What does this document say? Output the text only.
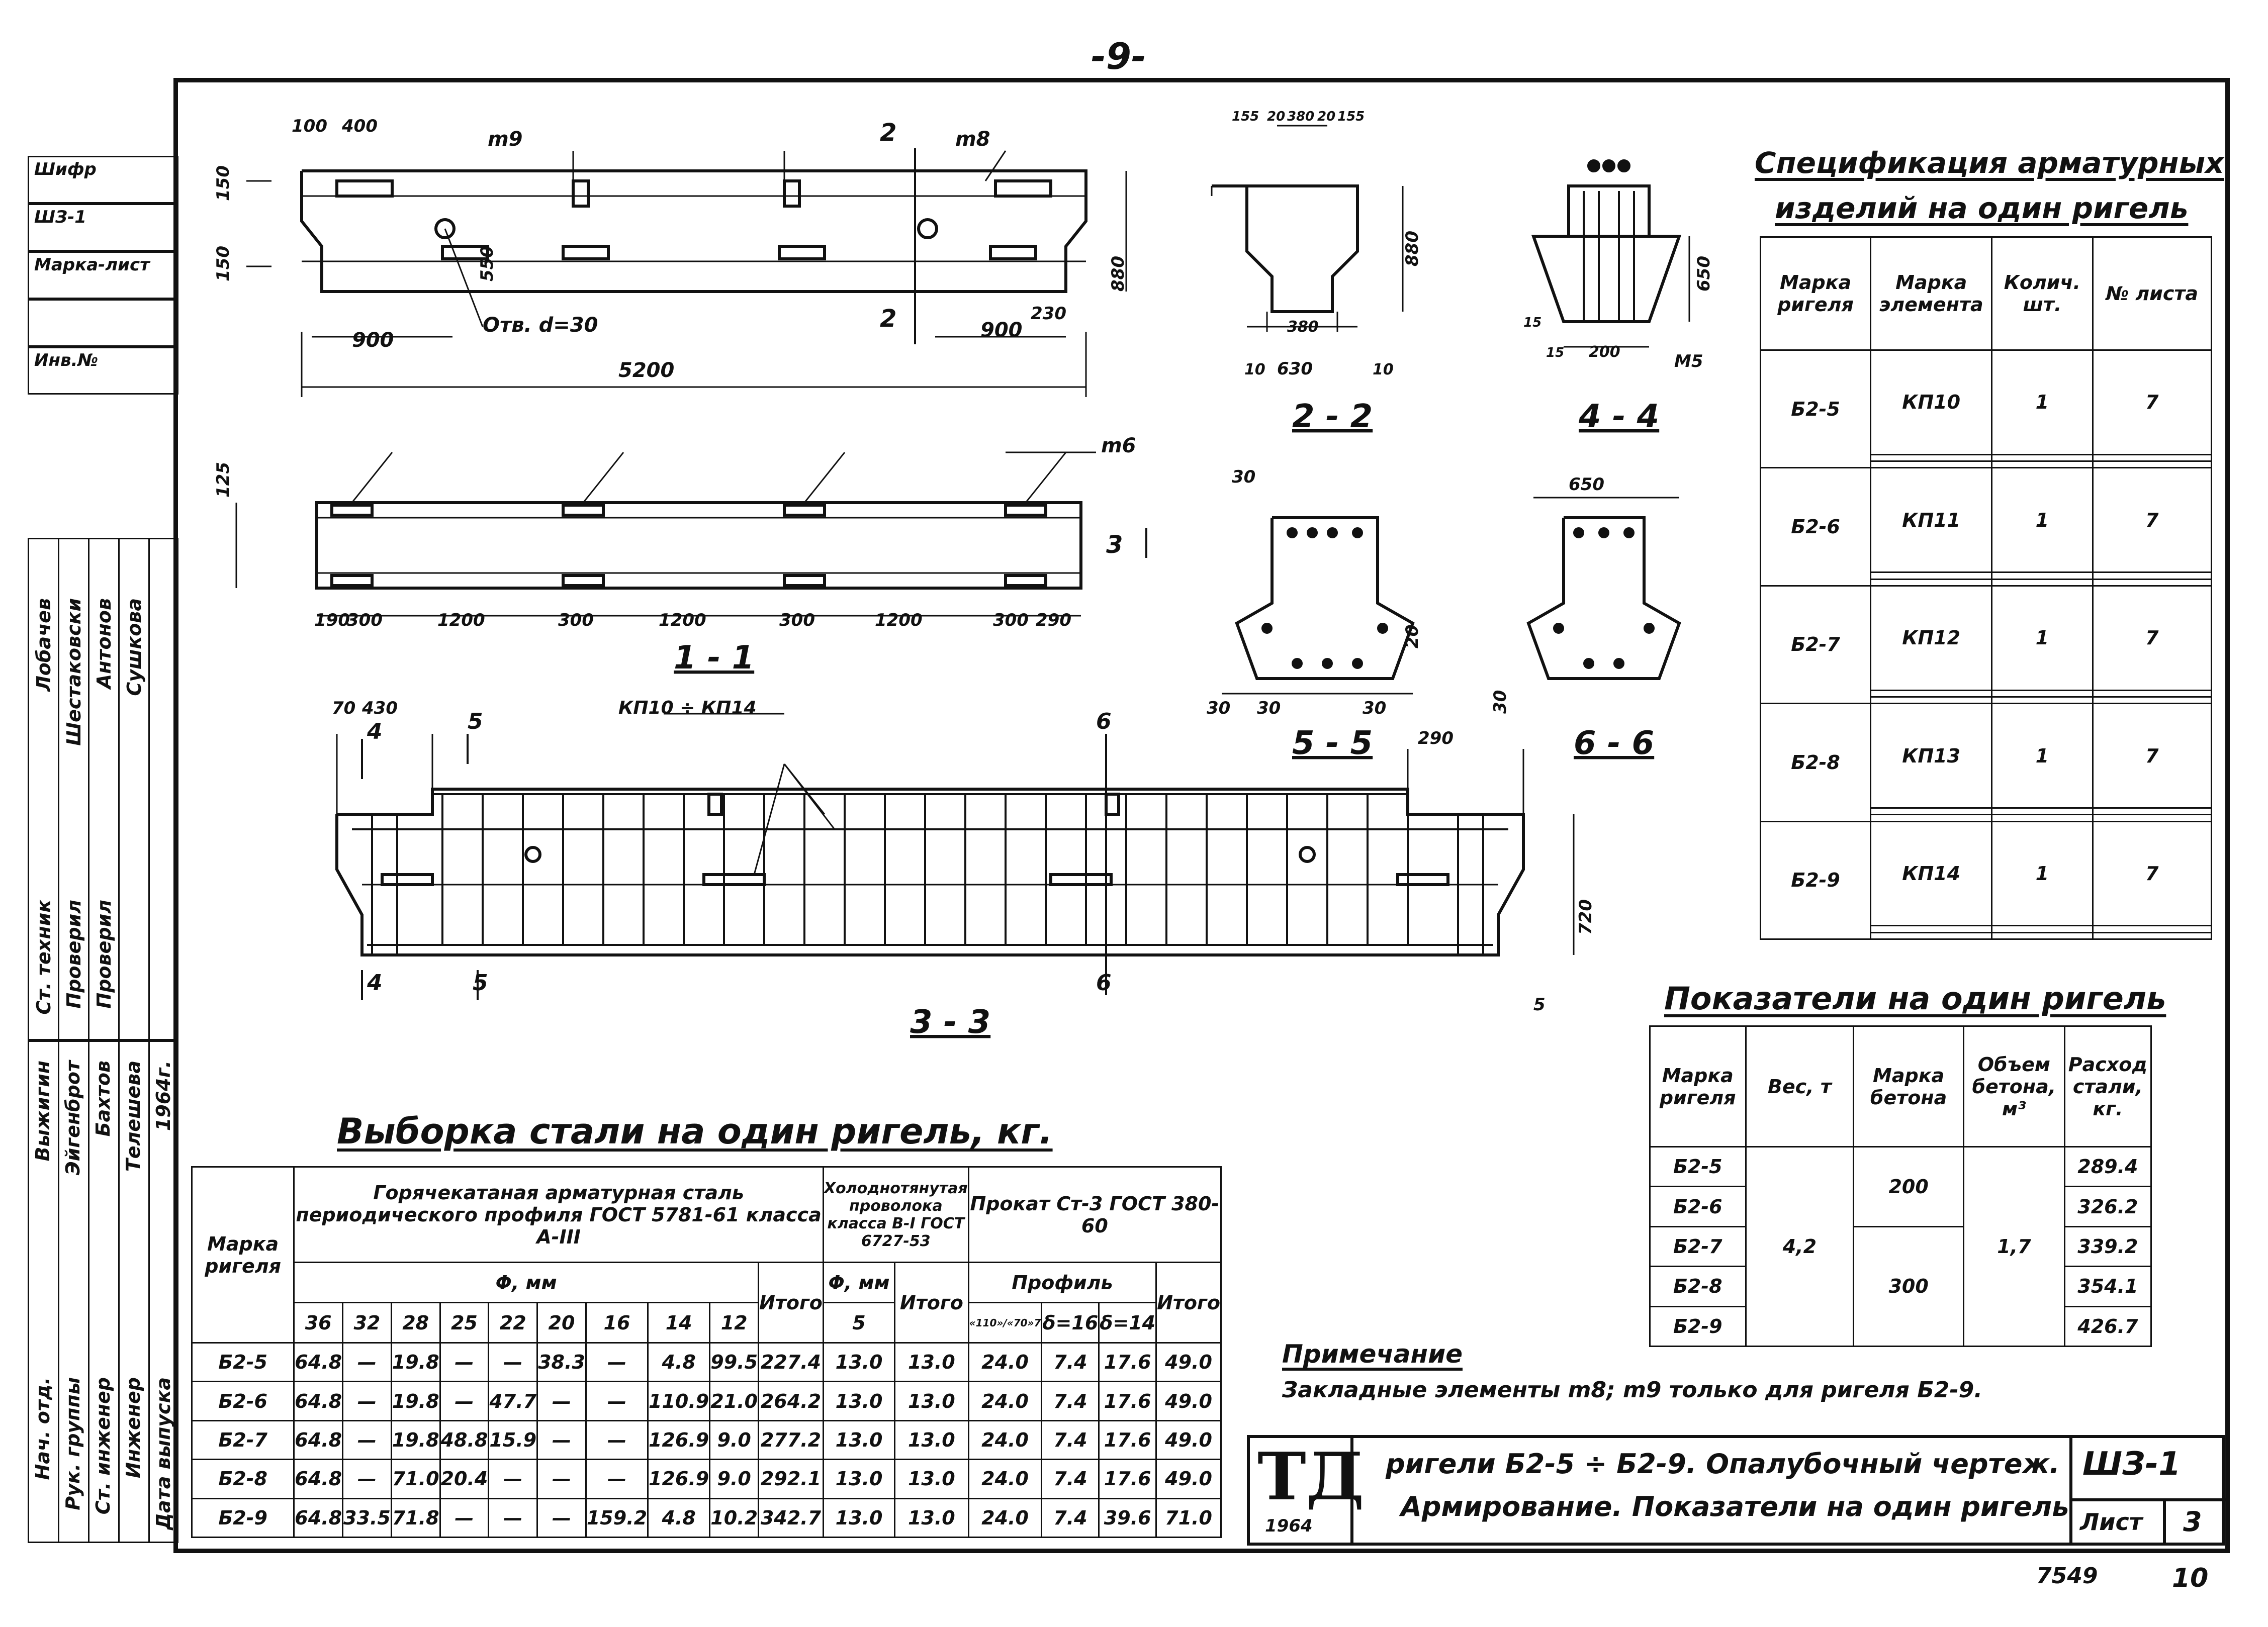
-9-
Шифр
ШЗ-1
Марка-лист
Инв.№
Ст. техник Проверил Проверил
Лобачев Шестаковски Антонов Сушкова
Нач. отд. Рук. группы Ст. инженер Инженер Дата выпуска
Выжигин Эйгенброт Бахтов Телешева 1964г.
100 400
900	900
5200
230
150
150	880
550
m9	m8
Отв. d=30
2
2
155 20 380 20 155
380
630
10	10
880
2 - 2
650
200
15
15	М5
4 - 4
190
300	1200	300	1200	300	1200	300 290
125
m6
3
1 - 1
30
30 30	30
20
5 - 5
650
30
6 - 6
70 430
290
720
5
КП10 ÷ КП14
4	5	6
4	5	6
3 - 3
Спецификация арматурных
изделий на один ригель
Марка ригеля	Марка элемента	Колич. шт.	№ листа
Б2-5	КП10	1	7

Б2-6	КП11	1	7

Б2-7	КП12	1	7

Б2-8	КП13	1	7

Б2-9	КП14	1	7

Показатели на один ригель
Марка ригеля	Вес, т	Марка бетона	Объем бетона, м³	Расход стали, кг.
Б2-5	4,2	200	1,7	289.4
Б2-6				326.2
Б2-7		300		339.2
Б2-8				354.1
Б2-9				426.7
Выборка стали на один ригель, кг.
Марка ригеля	Горячекатаная арматурная сталь периодического профиля ГОСТ 5781-61 класса А-III										Холоднотянутая проволока класса В-I ГОСТ 6727-53		Прокат Ст-3 ГОСТ 380-60			
	Φ, мм									Итого	Φ, мм	Итого	Профиль			Итого
	36	32	28	25	22	20	16	14	12		5		«110»/«70»7	δ=16	δ=14	
Б2-5	64.8	—	19.8	—	—	38.3	—	4.8	99.5	227.4	13.0	13.0	24.0	7.4	17.6	49.0
Б2-6	64.8	—	19.8	—	47.7	—	—	110.9	21.0	264.2	13.0	13.0	24.0	7.4	17.6	49.0
Б2-7	64.8	—	19.8	48.8	15.9	—	—	126.9	9.0	277.2	13.0	13.0	24.0	7.4	17.6	49.0
Б2-8	64.8	—	71.0	20.4	—	—	—	126.9	9.0	292.1	13.0	13.0	24.0	7.4	17.6	49.0
Б2-9	64.8	33.5	71.8	—	—	—	159.2	4.8	10.2	342.7	13.0	13.0	24.0	7.4	39.6	71.0
Примечание
Закладные элементы m8; m9 только для ригеля Б2-9.
ТД
1964
ригели Б2-5 ÷ Б2-9. Опалубочный чертеж.
Армирование. Показатели на один ригель
ШЗ-1
Лист 3
7549	10
